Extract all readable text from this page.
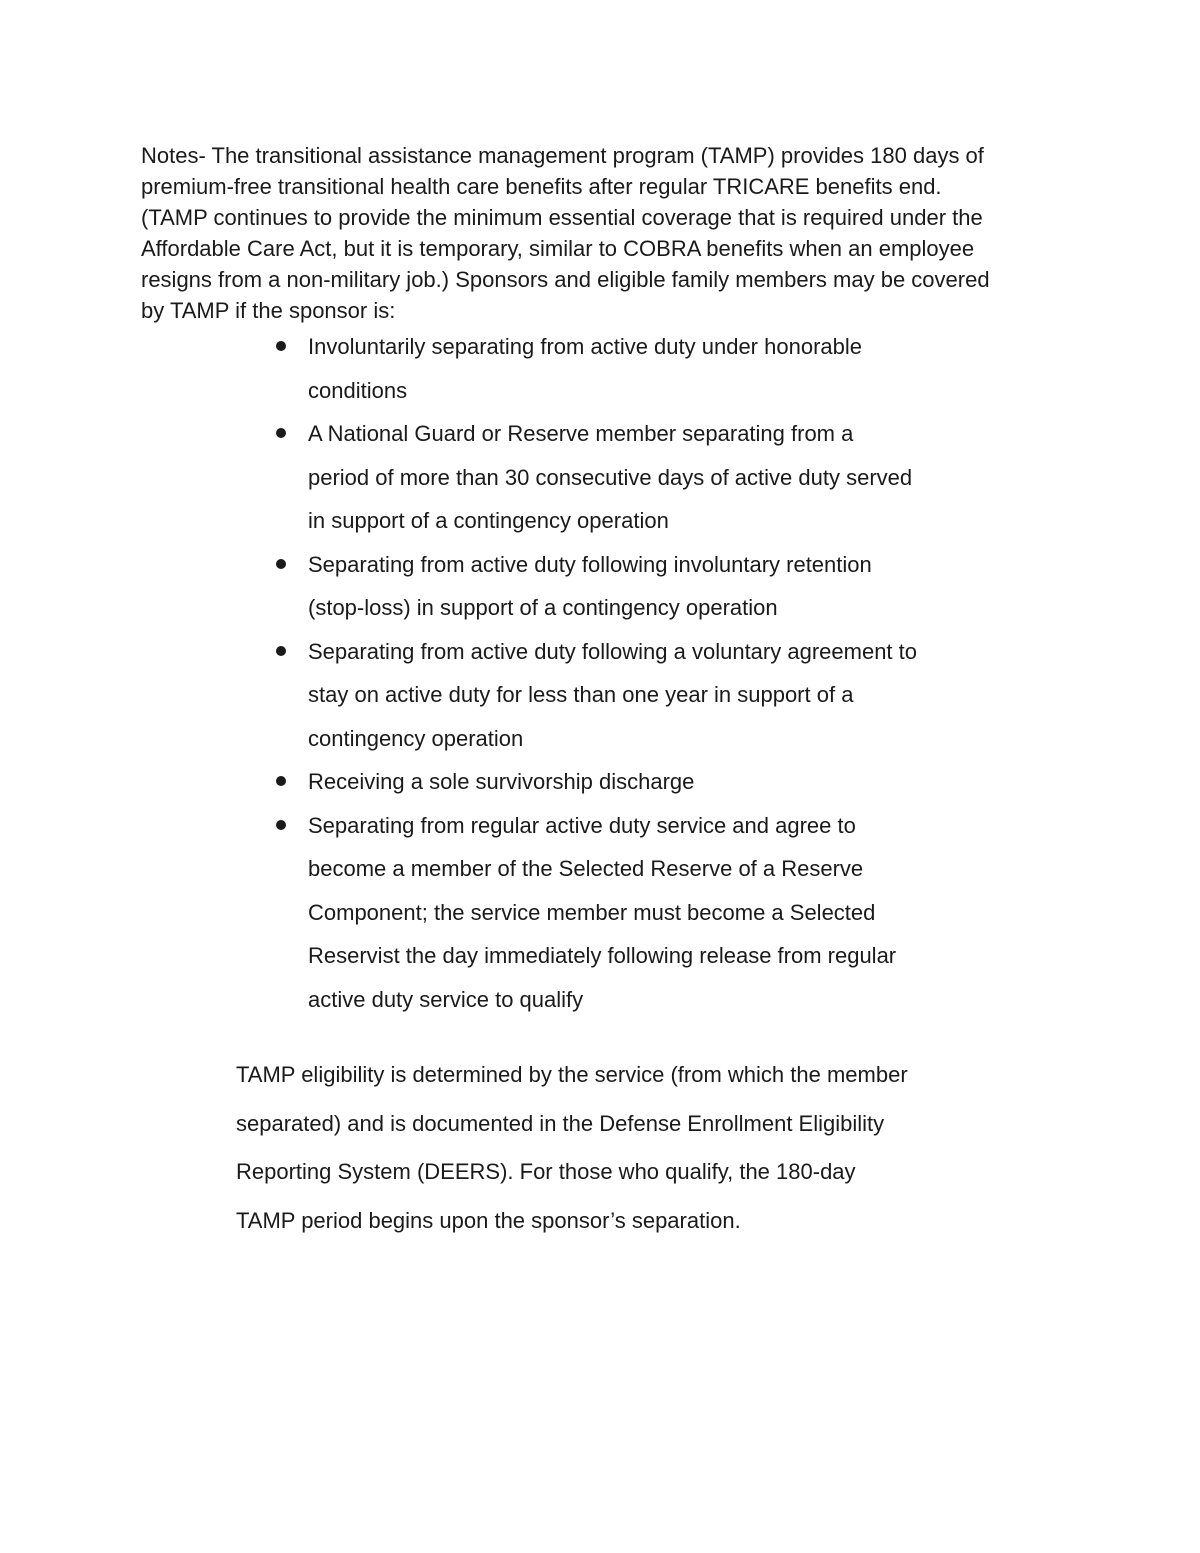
Notes- The transitional assistance management program (TAMP) provides 180 days of
premium-free transitional health care benefits after regular TRICARE benefits end.
(TAMP continues to provide the minimum essential coverage that is required under the
Affordable Care Act, but it is temporary, similar to COBRA benefits when an employee
resigns from a non-military job.) Sponsors and eligible family members may be covered
by TAMP if the sponsor is:

Involuntarily separating from active duty under honorable
conditions
A National Guard or Reserve member separating from a
period of more than 30 consecutive days of active duty served
in support of a contingency operation
Separating from active duty following involuntary retention
(stop-loss) in support of a contingency operation
Separating from active duty following a voluntary agreement to
stay on active duty for less than one year in support of a
contingency operation
Receiving a sole survivorship discharge
Separating from regular active duty service and agree to
become a member of the Selected Reserve of a Reserve
Component; the service member must become a Selected
Reservist the day immediately following release from regular
active duty service to qualify

TAMP eligibility is determined by the service (from which the member
separated) and is documented in the Defense Enrollment Eligibility
Reporting System (DEERS). For those who qualify, the 180-day
TAMP period begins upon the sponsor’s separation.
